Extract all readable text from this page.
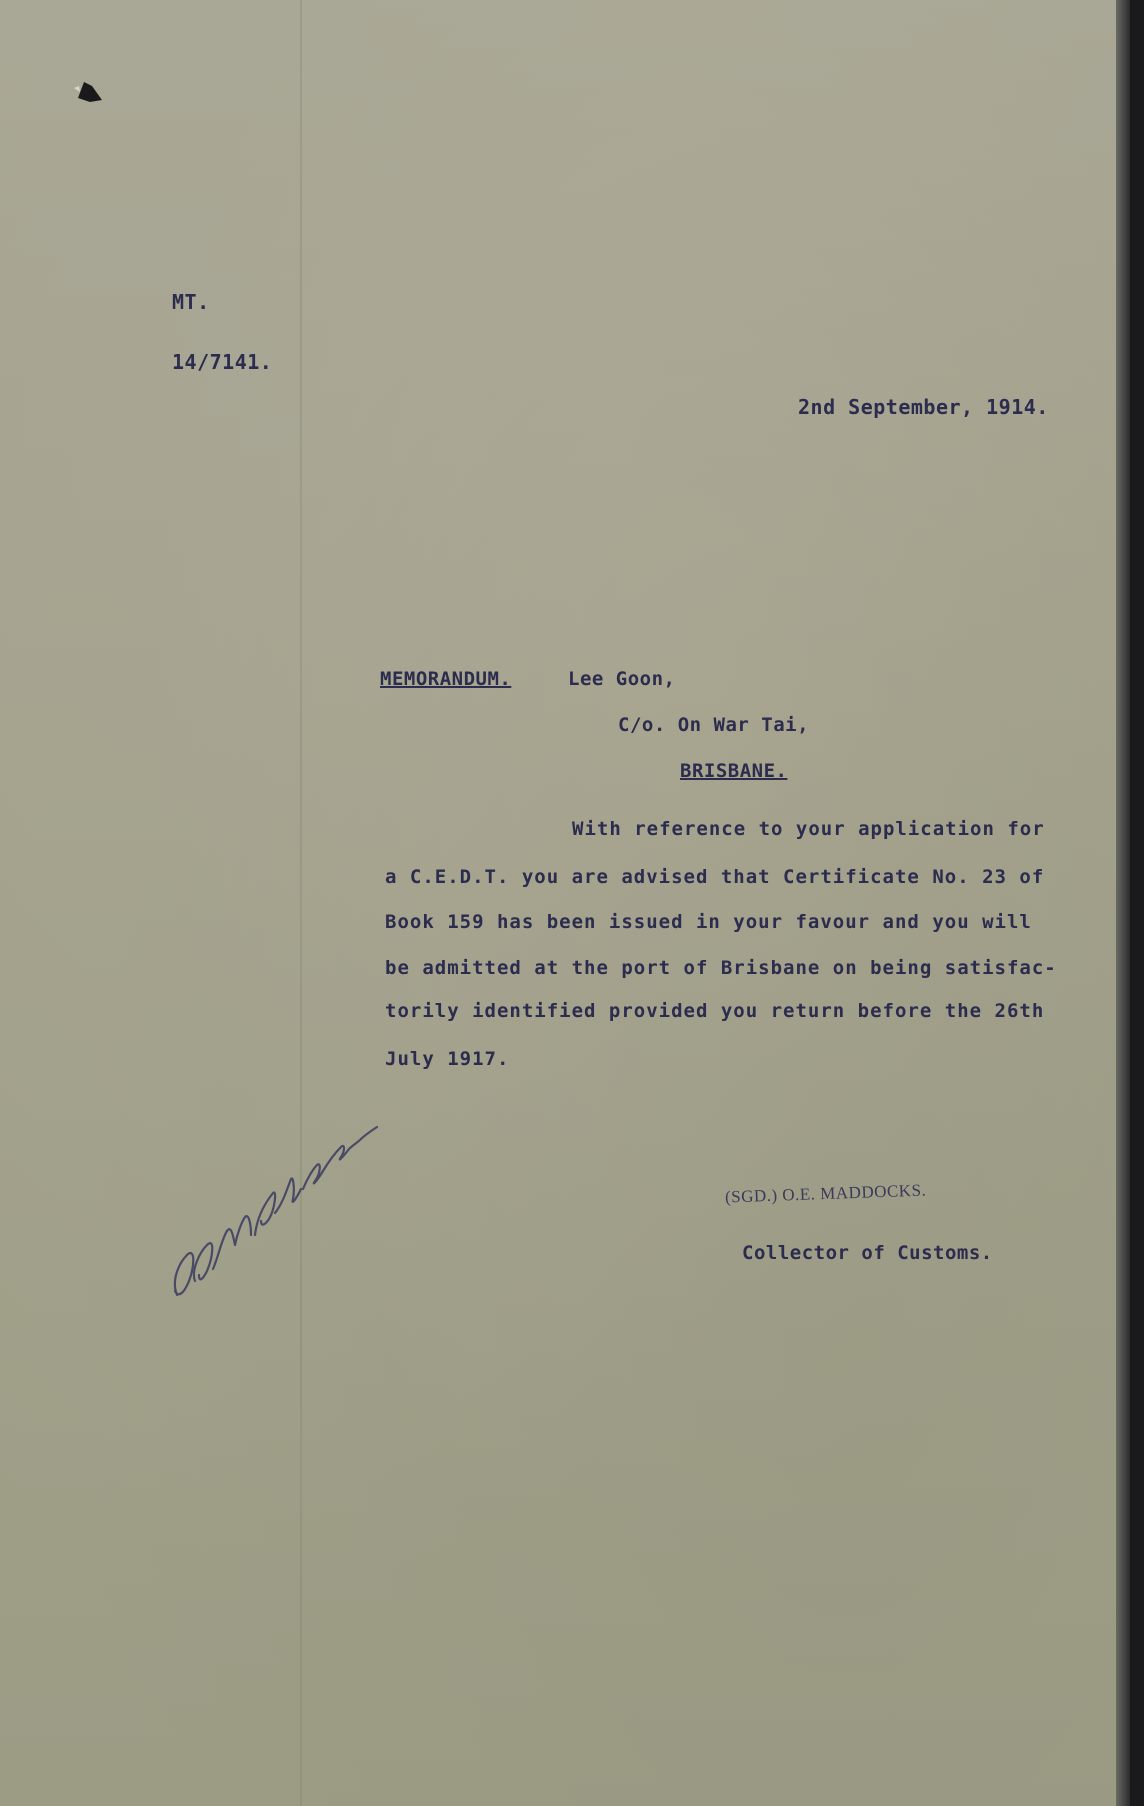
MT.

14/7141.

2nd September, 1914.

MEMORANDUM.	Lee Goon,

C/o. On War Tai,

BRISBANE.

With reference to your application for

a C.E.D.T. you are advised that Certificate No. 23 of

Book 159 has been issued in your favour and you will

be admitted at the port of Brisbane on being satisfac-

torily identified provided you return before the 26th

July 1917.

(SGD.) O.E. MADDOCKS.

Collector of Customs.
